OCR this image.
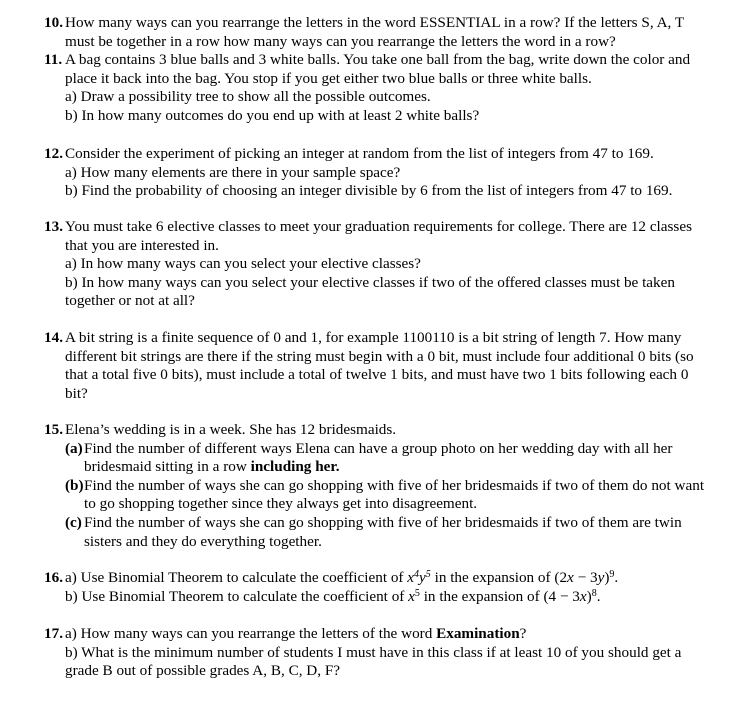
10. How many ways can you rearrange the letters in the word ESSENTIAL in a row? If the letters S, A, T must be together in a row how many ways can you rearrange the letters the word in a row?
11. A bag contains 3 blue balls and 3 white balls. You take one ball from the bag, write down the color and place it back into the bag. You stop if you get either two blue balls or three white balls.
a) Draw a possibility tree to show all the possible outcomes.
b) In how many outcomes do you end up with at least 2 white balls?
12. Consider the experiment of picking an integer at random from the list of integers from 47 to 169.
a) How many elements are there in your sample space?
b) Find the probability of choosing an integer divisible by 6 from the list of integers from 47 to 169.
13. You must take 6 elective classes to meet your graduation requirements for college. There are 12 classes that you are interested in.
a) In how many ways can you select your elective classes?
b) In how many ways can you select your elective classes if two of the offered classes must be taken together or not at all?
14. A bit string is a finite sequence of 0 and 1, for example 1100110 is a bit string of length 7. How many different bit strings are there if the string must begin with a 0 bit, must include four additional 0 bits (so that a total five 0 bits), must include a total of twelve 1 bits, and must have two 1 bits following each 0 bit?
15. Elena’s wedding is in a week. She has 12 bridesmaids.
(a) Find the number of different ways Elena can have a group photo on her wedding day with all her bridesmaid sitting in a row including her.
(b) Find the number of ways she can go shopping with five of her bridesmaids if two of them do not want to go shopping together since they always get into disagreement.
(c) Find the number of ways she can go shopping with five of her bridesmaids if two of them are twin sisters and they do everything together.
16. a) Use Binomial Theorem to calculate the coefficient of $x^4y^5$ in the expansion of $(2x - 3y)^9$.
b) Use Binomial Theorem to calculate the coefficient of $x^5$ in the expansion of $(4 - 3x)^8$.
17. a) How many ways can you rearrange the letters of the word Examination?
b) What is the minimum number of students I must have in this class if at least 10 of you should get a grade B out of possible grades A, B, C, D, F?
